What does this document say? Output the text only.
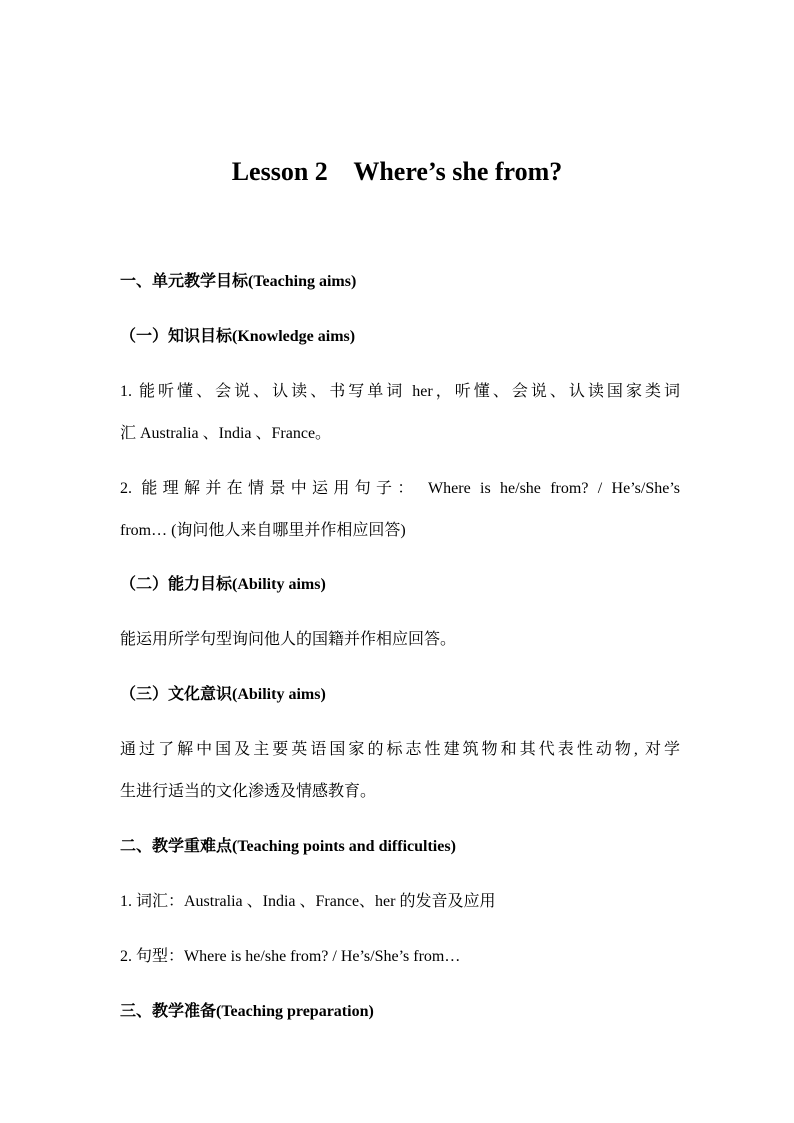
Lesson 2    Where’s she from?
一、单元教学目标(Teaching aims)
（一）知识目标(Knowledge aims)
1. 能听懂、会说、认读、书写单词 her，听懂、会说、认读国家类词
汇 Australia 、India 、France。
2. 能理解并在情景中运用句子： Where is he/she from? / He’s/She’s
from… (询问他人来自哪里并作相应回答)
（二）能力目标(Ability aims)
能运用所学句型询问他人的国籍并作相应回答。
（三）文化意识(Ability aims)
通过了解中国及主要英语国家的标志性建筑物和其代表性动物, 对学
生进行适当的文化渗透及情感教育。
二、教学重难点(Teaching points and difficulties)
1. 词汇：Australia 、India 、France、her 的发音及应用
2. 句型：Where is he/she from? / He’s/She’s from…
三、教学准备(Teaching preparation)
